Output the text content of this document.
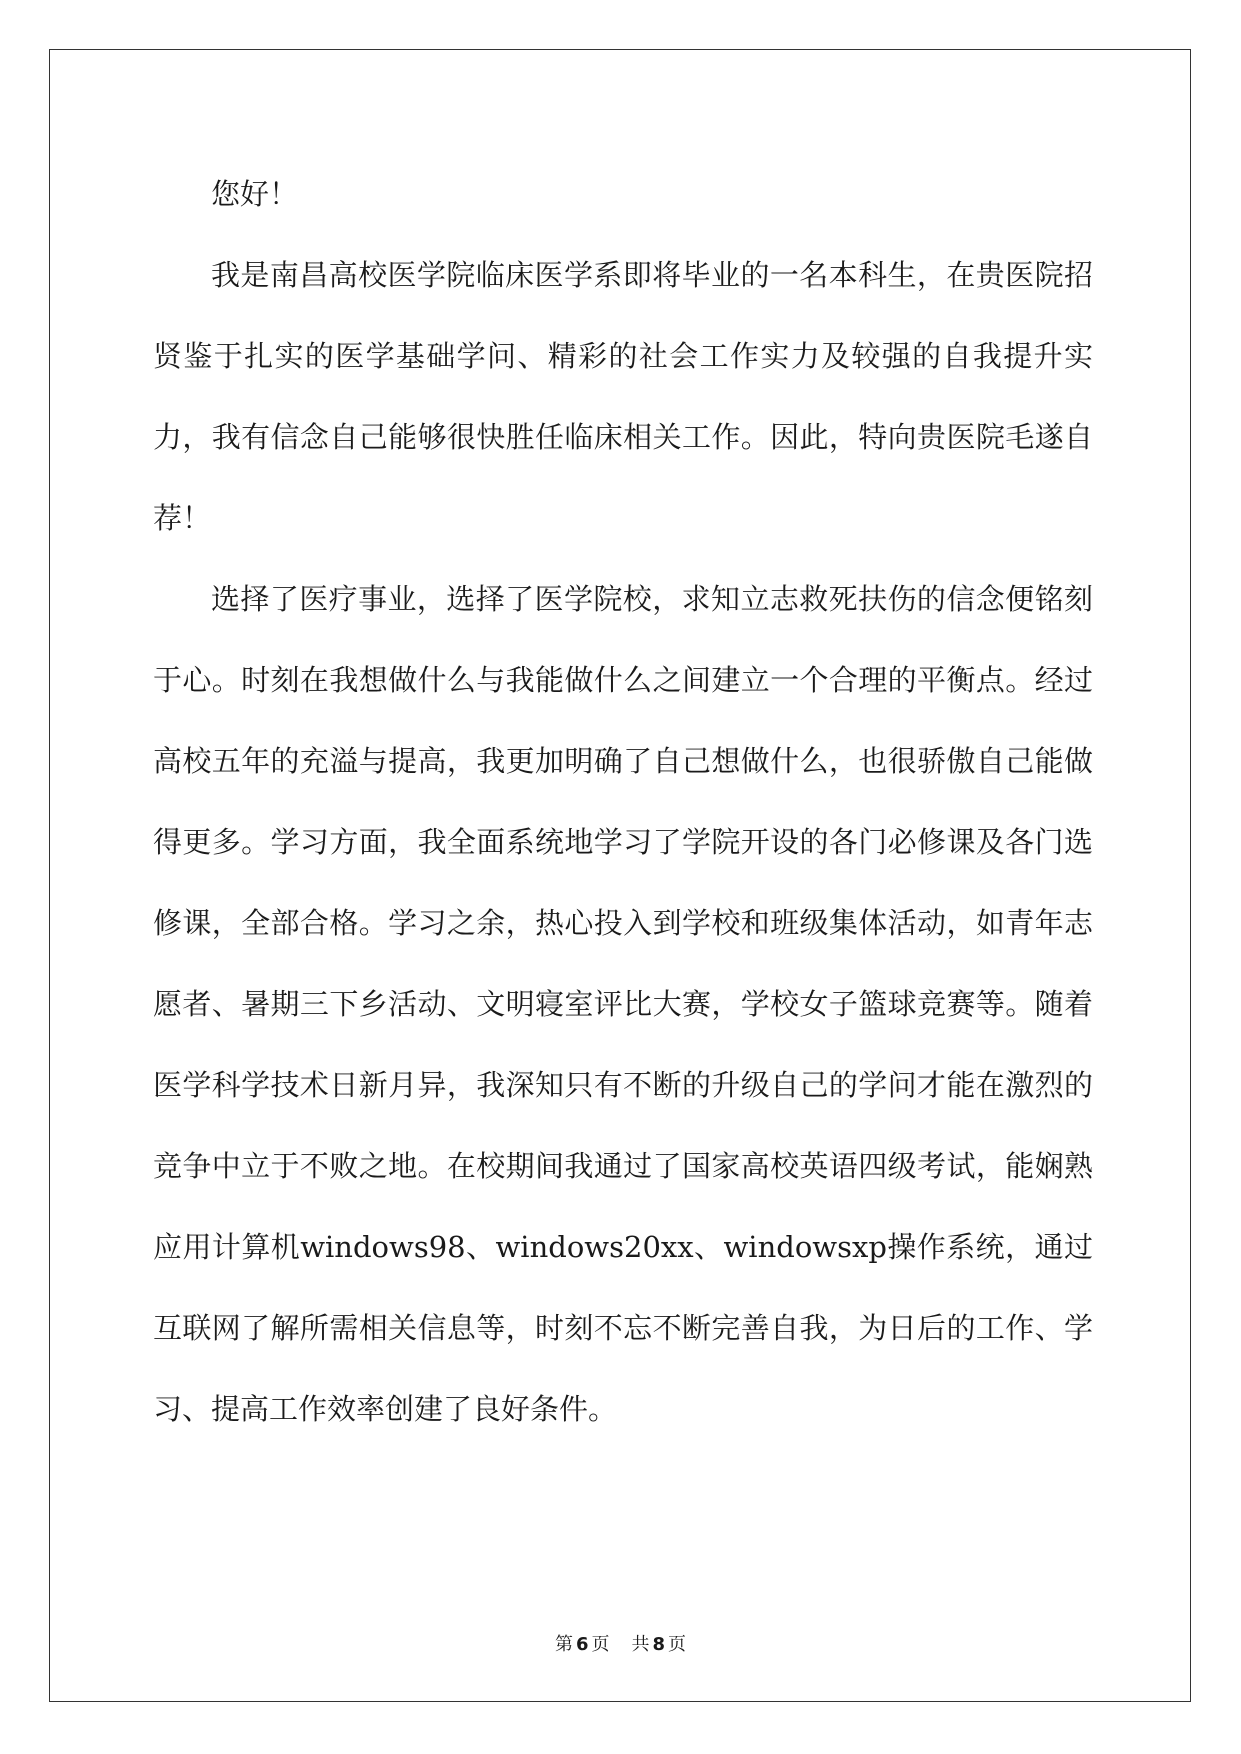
您好！

我是南昌高校医学院临床医学系即将毕业的一名本科生，在贵医院招贤鉴于扎实的医学基础学问、精彩的社会工作实力及较强的自我提升实力，我有信念自己能够很快胜任临床相关工作。因此，特向贵医院毛遂自荐！

选择了医疗事业，选择了医学院校，求知立志救死扶伤的信念便铭刻于心。时刻在我想做什么与我能做什么之间建立一个合理的平衡点。经过高校五年的充溢与提高，我更加明确了自己想做什么，也很骄傲自己能做得更多。学习方面，我全面系统地学习了学院开设的各门必修课及各门选修课，全部合格。学习之余，热心投入到学校和班级集体活动，如青年志愿者、暑期三下乡活动、文明寝室评比大赛，学校女子篮球竞赛等。随着医学科学技术日新月异，我深知只有不断的升级自己的学问才能在激烈的竞争中立于不败之地。在校期间我通过了国家高校英语四级考试，能娴熟应用计算机windows98、windows20xx、windowsxp操作系统，通过互联网了解所需相关信息等，时刻不忘不断完善自我，为日后的工作、学习、提高工作效率创建了良好条件。

第 6 页 共 8 页
